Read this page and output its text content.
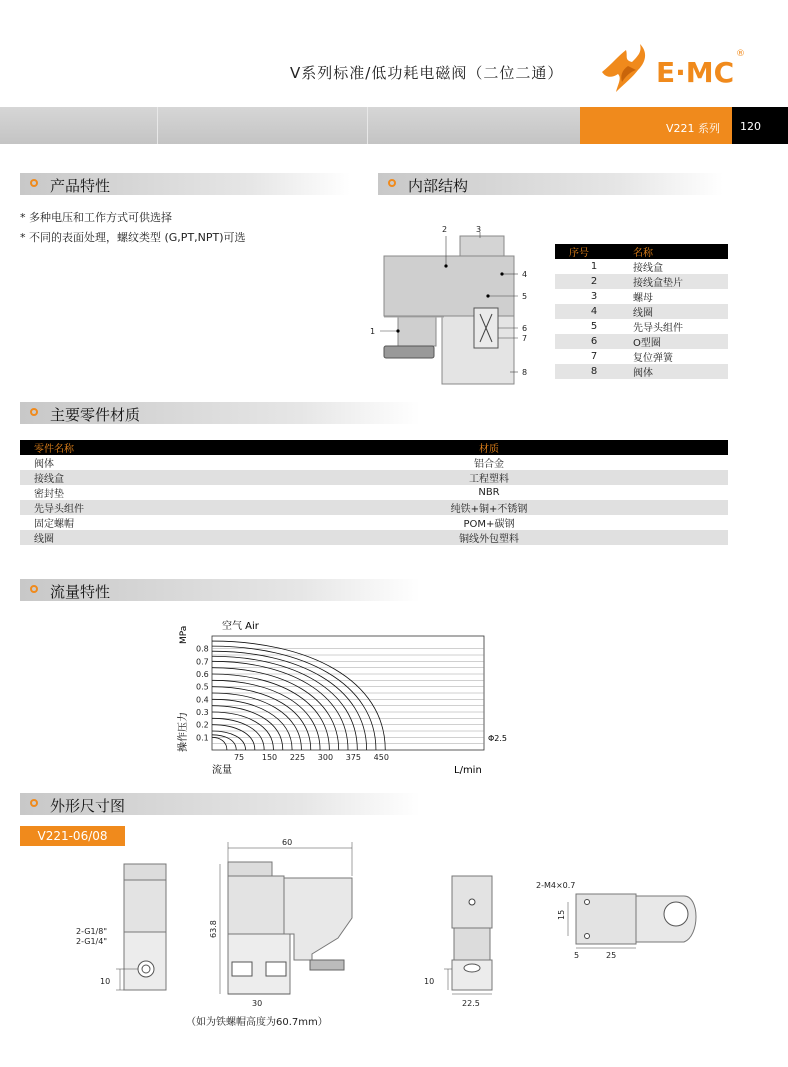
V系列标准/低功耗电磁阀（二位二通）	E·MC
®
V221 系列 120
产品特性
* 多种电压和工作方式可供选择
* 不同的表面处理，螺纹类型 (G,PT,NPT)可选
内部结构
1
2	3
4
5
6
7
8
序号	名称
1	接线盒
2	接线盒垫片
3	螺母
4	线圈
5	先导头组件
6	O型圈
7	复位弹簧
8	阀体
主要零件材质
零件名称	材质
阀体	铝合金
接线盒	工程塑料
密封垫	NBR
先导头组件	纯铁+铜+不锈钢
固定螺帽	POM+碳钢
线圈	铜线外包塑料
流量特性
0.1
0.2
0.3
0.4
0.5
0.6
0.7
0.8
75 150 225 300 375 450
空气 Air
MPa
操作压力	Φ2.5
流量	L/min
外形尺寸图
V221-06/08
2-G1/8"
2-G1/4"
10
60
63.8
30
10
22.5
2-M4×0.7
15
5	25
（如为铁螺帽高度为60.7mm）
